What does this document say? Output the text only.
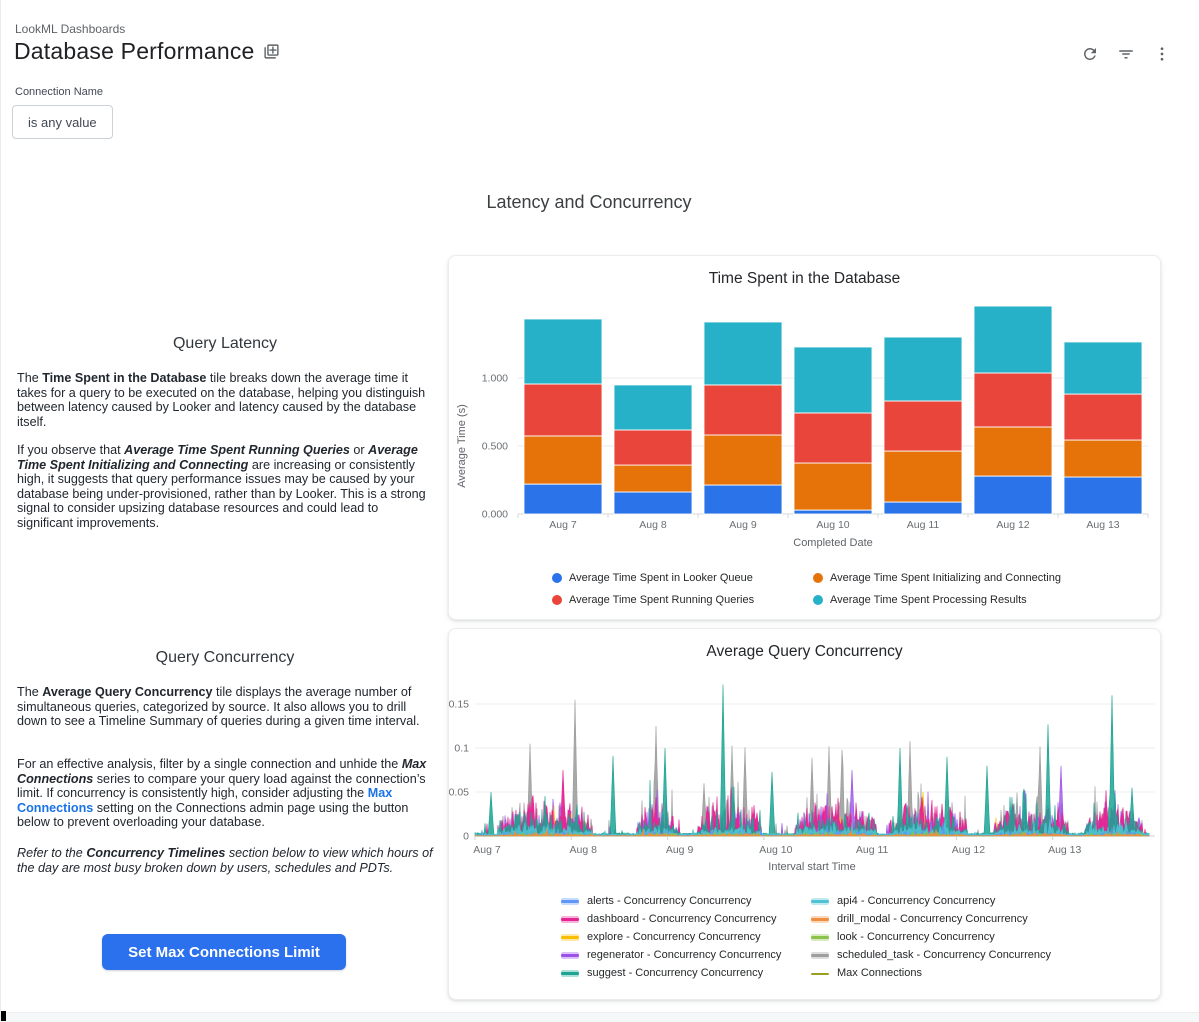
LookML Dashboards
Database Performance
Connection Name
is any value
Latency and Concurrency
Query Latency
The Time Spent in the Database tile breaks down the average time it takes for a query to be executed on the database, helping you distinguish between latency caused by Looker and latency caused by the database itself.
If you observe that Average Time Spent Running Queries or Average Time Spent Initializing and Connecting are increasing or consistently high, it suggests that query performance issues may be caused by your database being under-provisioned, rather than by Looker. This is a strong signal to consider upsizing database resources and could lead to significant improvements.
Query Concurrency
The Average Query Concurrency tile displays the average number of simultaneous queries, categorized by source. It also allows you to drill down to see a Timeline Summary of queries during a given time interval.
For an effective analysis, filter by a single connection and unhide the Max Connections series to compare your query load against the connection’s limit. If concurrency is consistently high, consider adjusting the Max Connections setting on the Connections admin page using the button below to prevent overloading your database.
Refer to the Concurrency Timelines section below to view which hours of the day are most busy broken down by users, schedules and PDTs.
Set Max Connections Limit
Time Spent in the Database
0.000
0.500
1.000
Aug 7	Aug 8	Aug 9	Aug 10	Aug 11	Aug 12	Aug 13
Completed Date
Average Time (s)
Average Time Spent in Looker Queue
Average Time Spent Running Queries
Average Time Spent Initializing and Connecting
Average Time Spent Processing Results
Average Query Concurrency
0
0.05
0.1
0.15
Aug 7	Aug 8	Aug 9	Aug 10	Aug 11	Aug 12	Aug 13
Interval start Time
alerts - Concurrency Concurrency
dashboard - Concurrency Concurrency
explore - Concurrency Concurrency
regenerator - Concurrency Concurrency
suggest - Concurrency Concurrency
api4 - Concurrency Concurrency
drill_modal - Concurrency Concurrency
look - Concurrency Concurrency
scheduled_task - Concurrency Concurrency
Max Connections
